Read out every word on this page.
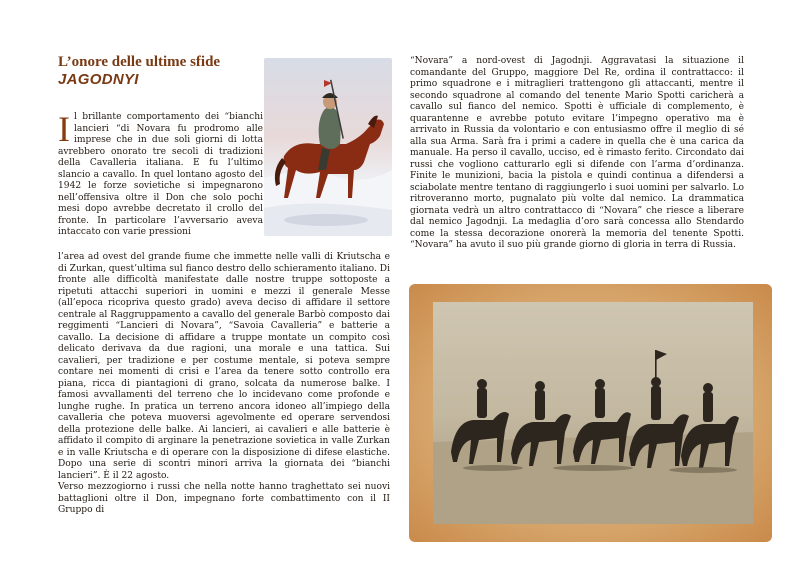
L’onore delle ultime sfide
JAGODNYI
I l brillante comportamento dei “bianchi lancieri “di Novara fu prodromo alle imprese che in due soli giorni di lotta avrebbero onorato tre secoli di tradizioni della Cavalleria italiana. E fu l’ultimo slancio a cavallo. In quel lontano agosto del 1942 le forze sovietiche si impegnarono nell’offensiva oltre il Don che solo pochi mesi dopo avrebbe decretato il crollo del fronte. In particolare l’avversario aveva intaccato con varie pressioni

l’area ad ovest del grande fiume che immette nelle valli di Kriutscha e di Zurkan, quest’ultima sul fianco destro dello schieramento italiano. Di fronte alle difficoltà manifestate dalle nostre truppe sottoposte a ripetuti attacchi superiori in uomini e mezzi il generale Messe (all’epoca ricopriva questo grado) aveva deciso di affidare il settore centrale al Raggruppamento a cavallo del generale Barbò composto dai reggimenti “Lancieri di Novara”, “Savoia Cavalleria” e batterie a cavallo. La decisione di affidare a truppe montate un compito così delicato derivava da due ragioni, una morale e una tattica. Sui cavalieri, per tradizione e per costume mentale, si poteva sempre contare nei momenti di crisi e l’area da tenere sotto controllo era piana, ricca di piantagioni di grano, solcata da numerose balke. I famosi avvallamenti del terreno che lo incidevano come profonde e lunghe rughe. In pratica un terreno ancora idoneo all’impiego della cavalleria che poteva muoversi agevolmente ed operare servendosi della protezione delle balke. Ai lancieri, ai cavalieri e alle batterie è affidato il compito di arginare la penetrazione sovietica in valle Zurkan e in valle Kriutscha e di operare con la disposizione di difese elastiche. Dopo una serie di scontri minori arriva la giornata dei “bianchi lancieri”. È il 22 agosto.

Verso mezzogiorno i russi che nella notte hanno traghettato sei nuovi battaglioni oltre il Don, impegnano forte combattimento con il II Gruppo di

“Novara” a nord-ovest di Jagodnji. Aggravatasi la situazione il comandante del Gruppo, maggiore Del Re, ordina il contrattacco: il primo squadrone e i mitraglieri trattengono gli attaccanti, mentre il secondo squadrone al comando del tenente Mario Spotti caricherà a cavallo sul fianco del nemico. Spotti è ufficiale di complemento, è quarantenne e avrebbe potuto evitare l’impegno operativo ma è arrivato in Russia da volontario e con entusiasmo offre il meglio di sé alla sua Arma. Sarà fra i primi a cadere in quella che è una carica da manuale. Ha perso il cavallo, ucciso, ed è rimasto ferito. Circondato dai russi che vogliono catturarlo egli si difende con l’arma d’ordinanza. Finite le munizioni, bacia la pistola e quindi continua a difendersi a sciabolate mentre tentano di raggiungerlo i suoi uomini per salvarlo. Lo ritroveranno morto, pugnalato più volte dal nemico. La drammatica giornata vedrà un altro contrattacco di “Novara” che riesce a liberare dal nemico Jagodnji. La medaglia d’oro sarà concessa allo Stendardo come la stessa decorazione onorerà la memoria del tenente Spotti. “Novara” ha avuto il suo più grande giorno di gloria in terra di Russia.
